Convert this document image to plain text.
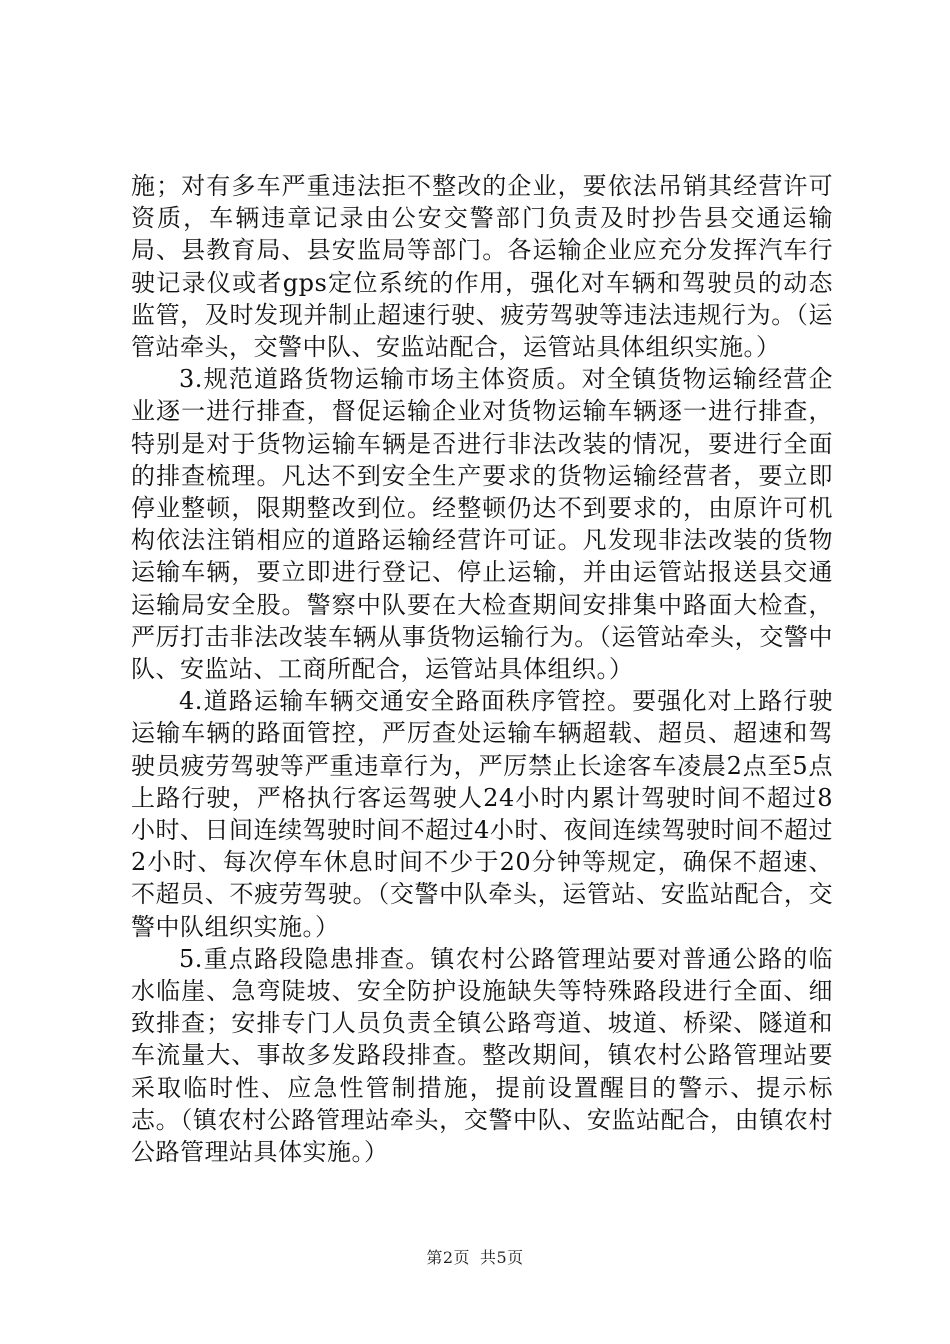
施；对有多车严重违法拒不整改的企业，要依法吊销其经营许可资质，车辆违章记录由公安交警部门负责及时抄告县交通运输局、县教育局、县安监局等部门。各运输企业应充分发挥汽车行驶记录仪或者gps定位系统的作用，强化对车辆和驾驶员的动态监管，及时发现并制止超速行驶、疲劳驾驶等违法违规行为。（运管站牵头，交警中队、安监站配合，运管站具体组织实施。）

3.规范道路货物运输市场主体资质。对全镇货物运输经营企业逐一进行排查，督促运输企业对货物运输车辆逐一进行排查，特别是对于货物运输车辆是否进行非法改装的情况，要进行全面的排查梳理。凡达不到安全生产要求的货物运输经营者，要立即停业整顿，限期整改到位。经整顿仍达不到要求的，由原许可机构依法注销相应的道路运输经营许可证。凡发现非法改装的货物运输车辆，要立即进行登记、停止运输，并由运管站报送县交通运输局安全股。警察中队要在大检查期间安排集中路面大检查，严厉打击非法改装车辆从事货物运输行为。（运管站牵头，交警中队、安监站、工商所配合，运管站具体组织。）

4.道路运输车辆交通安全路面秩序管控。要强化对上路行驶运输车辆的路面管控，严厉查处运输车辆超载、超员、超速和驾驶员疲劳驾驶等严重违章行为，严厉禁止长途客车凌晨2点至5点上路行驶，严格执行客运驾驶人24小时内累计驾驶时间不超过8小时、日间连续驾驶时间不超过4小时、夜间连续驾驶时间不超过2小时、每次停车休息时间不少于20分钟等规定，确保不超速、不超员、不疲劳驾驶。（交警中队牵头，运管站、安监站配合，交警中队组织实施。）

5.重点路段隐患排查。镇农村公路管理站要对普通公路的临水临崖、急弯陡坡、安全防护设施缺失等特殊路段进行全面、细致排查；安排专门人员负责全镇公路弯道、坡道、桥梁、隧道和车流量大、事故多发路段排查。整改期间，镇农村公路管理站要采取临时性、应急性管制措施，提前设置醒目的警示、提示标志。（镇农村公路管理站牵头，交警中队、安监站配合，由镇农村公路管理站具体实施。）

第2页 共5页
